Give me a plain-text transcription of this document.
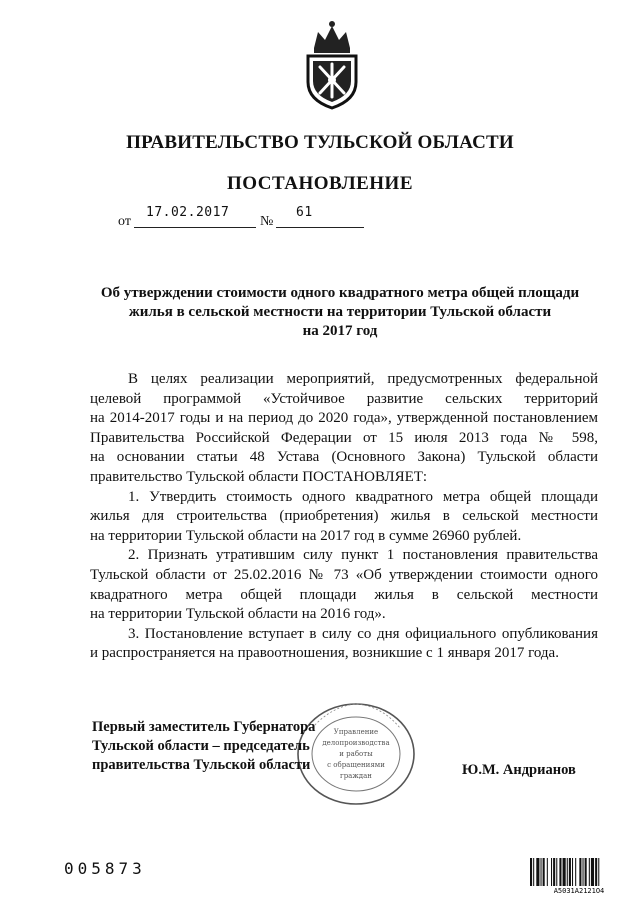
ПРАВИТЕЛЬСТВО ТУЛЬСКОЙ ОБЛАСТИ
ПОСТАНОВЛЕНИЕ
от
17.02.2017
№
61
Об утверждении стоимости одного квадратного метра общей площади
жилья в сельской местности на территории Тульской области
на 2017 год
В целях реализации мероприятий, предусмотренных федеральной
целевой программой «Устойчивое развитие сельских территорий
на 2014-2017 годы и на период до 2020 года», утвержденной постановлением
Правительства Российской Федерации от 15 июля 2013 года № 598,
на основании статьи 48 Устава (Основного Закона) Тульской области
правительство Тульской области ПОСТАНОВЛЯЕТ:
1. Утвердить стоимость одного квадратного метра общей площади
жилья для строительства (приобретения) жилья в сельской местности
на территории Тульской области на 2017 год в сумме 26960 рублей.
2. Признать утратившим силу пункт 1 постановления правительства
Тульской области от 25.02.2016 № 73 «Об утверждении стоимости одного
квадратного метра общей площади жилья в сельской местности
на территории Тульской области на 2016 год».
3. Постановление вступает в силу со дня официального опубликования
и распространяется на правоотношения, возникшие с 1 января 2017 года.
Управление
делопроизводства
и работы
с обращениями
граждан
Первый заместитель Губернатора
Тульской области – председатель
правительства Тульской области	Ю.М. Андрианов
005873
А5031А2121О4
